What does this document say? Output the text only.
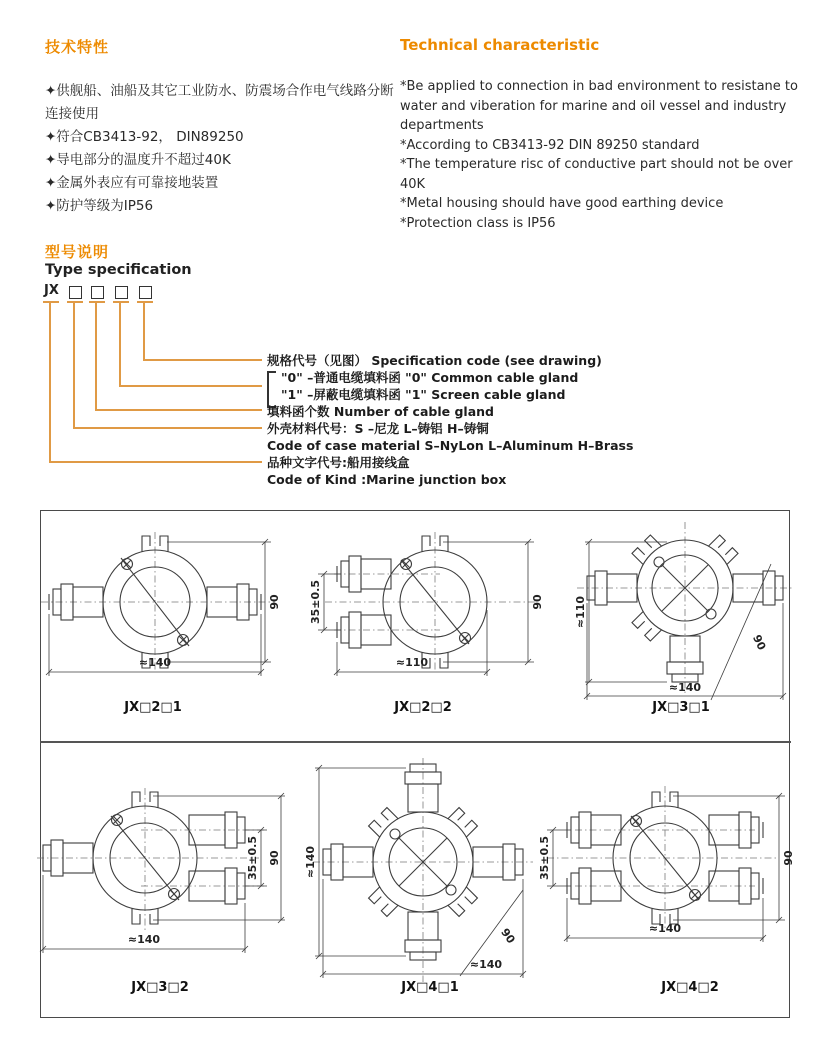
技术特性
✦供舰船、油船及其它工业防水、防震场合作电气线路分断连接使用
✦符合CB3413-92， DIN89250
✦导电部分的温度升不超过40K
✦金属外表应有可靠接地装置
✦防护等级为IP56
Technical characteristic
*Be applied to connection in bad environment to resistane to water and viberation for marine and oil vessel and industry departments
*According to CB3413-92 DIN 89250 standard
*The temperature risc of conductive part should not be over 40K
*Metal housing should have good earthing device
*Protection class is IP56
型号说明
Type specification
JX
规格代号（见图） Specification code (see drawing)
"0" –普通电缆填料函 "0" Common cable gland
"1" –屏蔽电缆填料函 "1" Screen cable gland
填料函个数 Number of cable gland
外壳材料代号：S –尼龙 L–铸铝 H–铸铜
Code of case material S–NyLon L–Aluminum H–Brass
品种文字代号:船用接线盒
Code of Kind :Marine junction box
≈140
90	35±0.5
≈110
90	≈110
≈140
90
JX□2□1	JX□2□2	JX□3□1
35±0.5 90
≈140
≈140
≈140
90
35±0.5	90
≈140
JX□3□2	JX□4□1	JX□4□2
